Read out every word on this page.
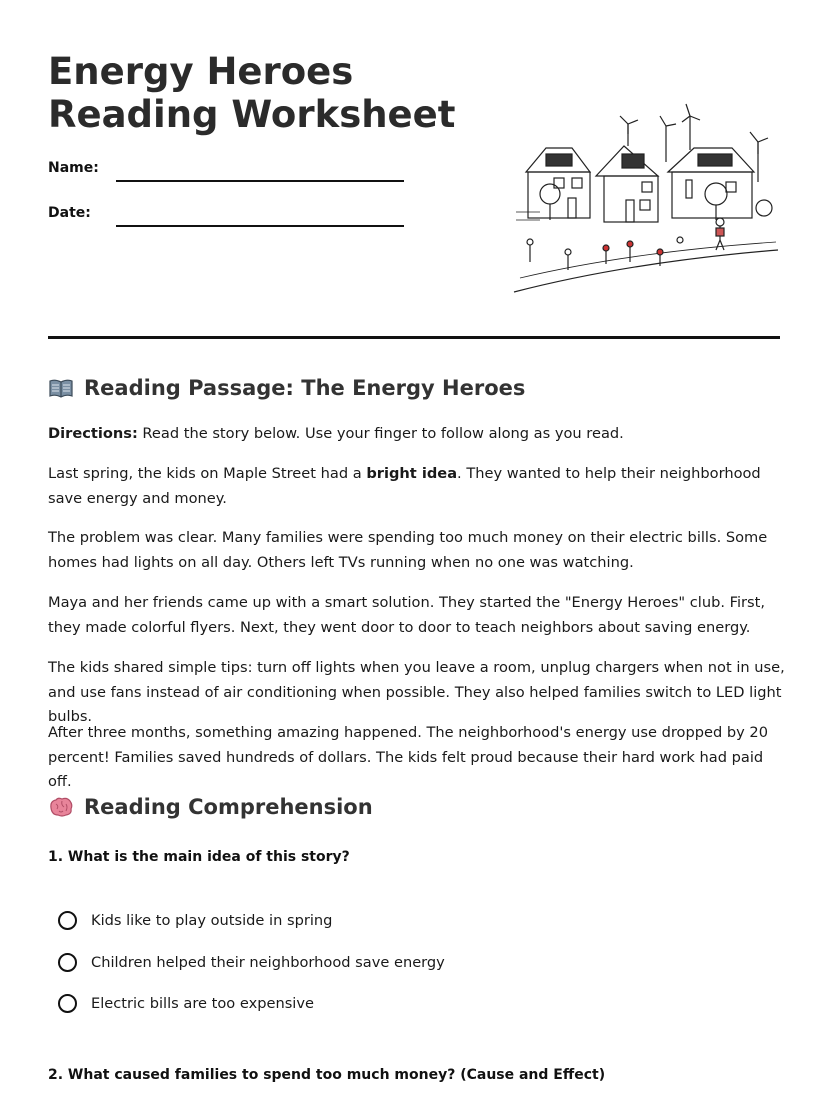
Energy Heroes Reading Worksheet
Name:
Date:
Reading Passage: The Energy Heroes

Directions: Read the story below. Use your finger to follow along as you read.

Last spring, the kids on Maple Street had a bright idea. They wanted to help their neighborhood save energy and money.

The problem was clear. Many families were spending too much money on their electric bills. Some homes had lights on all day. Others left TVs running when no one was watching.

Maya and her friends came up with a smart solution. They started the "Energy Heroes" club. First, they made colorful flyers. Next, they went door to door to teach neighbors about saving energy.

The kids shared simple tips: turn off lights when you leave a room, unplug chargers when not in use, and use fans instead of air conditioning when possible. They also helped families switch to LED light bulbs.

After three months, something amazing happened. The neighborhood's energy use dropped by 20 percent! Families saved hundreds of dollars. The kids felt proud because their hard work had paid off.

Reading Comprehension

1. What is the main idea of this story?

Kids like to play outside in spring
Children helped their neighborhood save energy
Electric bills are too expensive

2. What caused families to spend too much money? (Cause and Effect)
